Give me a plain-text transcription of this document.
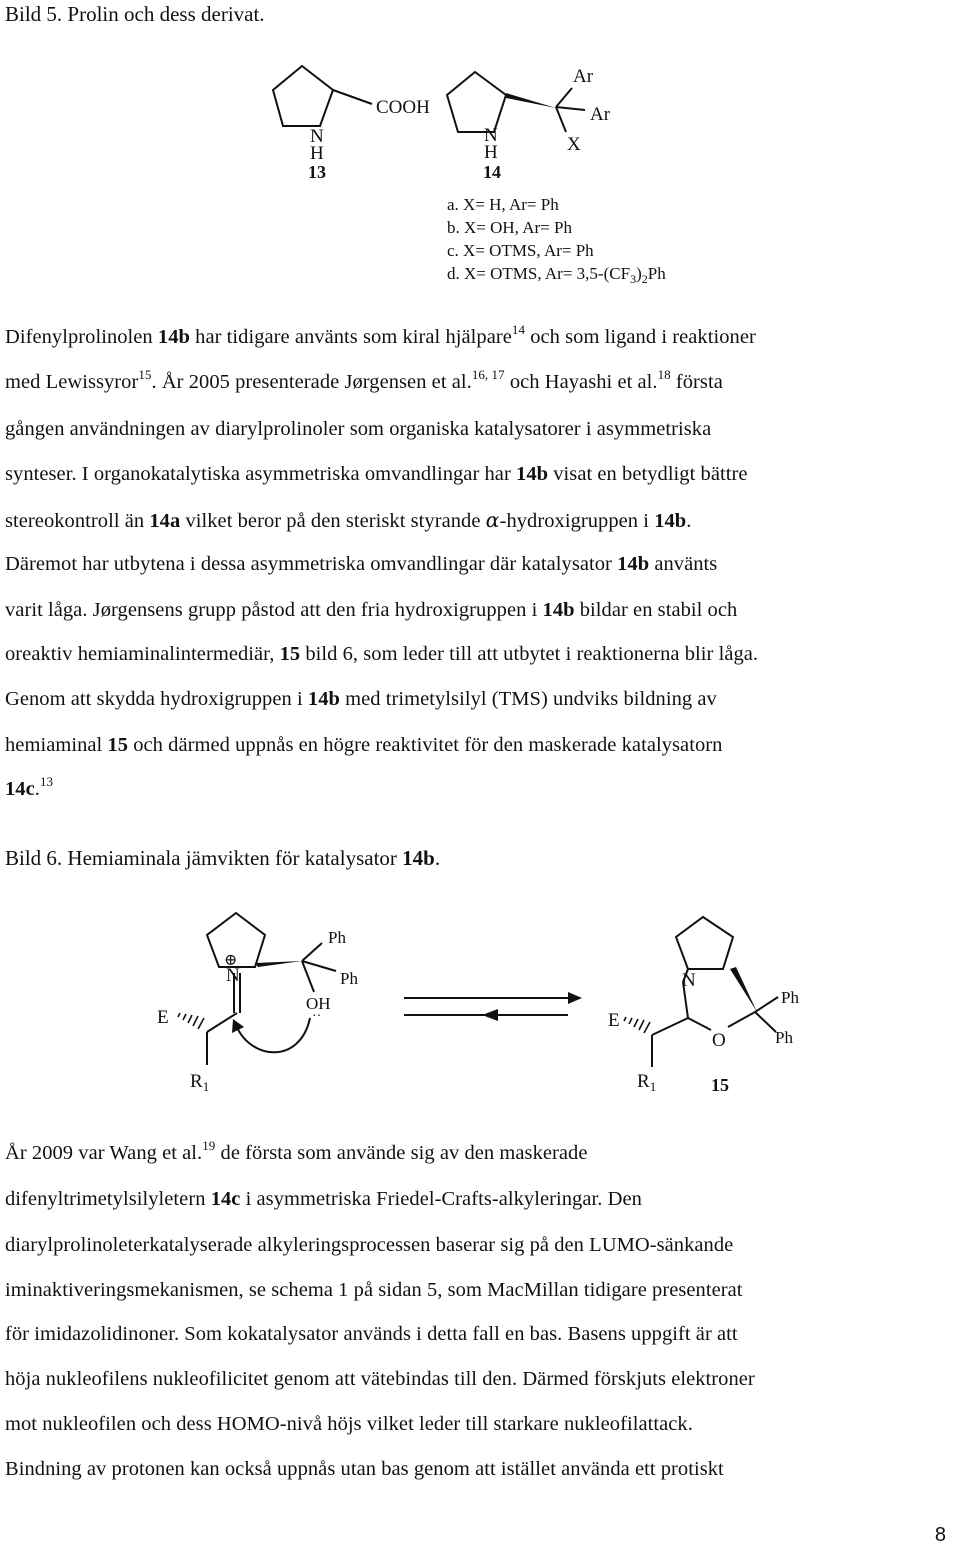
Bild 5. Prolin och dess derivat.
COOH
N
H
13
N
H
14
Ar
Ar
X
a. X= H, Ar= Ph
b. X= OH, Ar= Ph
c. X= OTMS, Ar= Ph
d. X= OTMS, $Ar= 3,5-(CF_3)_2Ph$
Difenylprolinolen 14b har tidigare använts som kiral hjälpare$^{14}$ och som ligand i reaktioner
med Lewissyror$^{15}$. År 2005 presenterade Jørgensen et al.$^{16, 17}$ och Hayashi et al.$^{18}$ första
gången användningen av diarylprolinoler som organiska katalysatorer i asymmetriska
synteser. I organokatalytiska asymmetriska omvandlingar har 14b visat en betydligt bättre
stereokontroll än 14a vilket beror på den steriskt styrande α-hydroxigruppen i 14b.
Däremot har utbytena i dessa asymmetriska omvandlingar där katalysator 14b använts
varit låga. Jørgensens grupp påstod att den fria hydroxigruppen i 14b bildar en stabil och
oreaktiv hemiaminalintermediär, 15 bild 6, som leder till att utbytet i reaktionerna blir låga.
Genom att skydda hydroxigruppen i 14b med trimetylsilyl (TMS) undviks bildning av
hemiaminal 15 och därmed uppnås en högre reaktivitet för den maskerade katalysatorn
14c.$^{13}$
Bild 6. Hemiaminala jämvikten för katalysator 14b.
⊕
N
Ph
Ph
OH
··
E
$R_1$
N
O
Ph
Ph
E
$R_1$	15
År 2009 var Wang et al.$^{19}$ de första som använde sig av den maskerade
difenyltrimetylsilyletern 14c i asymmetriska Friedel-Crafts-alkyleringar. Den
diarylprolinoleterkatalyserade alkyleringsprocessen baserar sig på den LUMO-sänkande
iminaktiveringsmekanismen, se schema 1 på sidan 5, som MacMillan tidigare presenterat
för imidazolidinoner. Som kokatalysator används i detta fall en bas. Basens uppgift är att
höja nukleofilens nukleofilicitet genom att vätebindas till den. Därmed förskjuts elektroner
mot nukleofilen och dess HOMO-nivå höjs vilket leder till starkare nukleofilattack.
Bindning av protonen kan också uppnås utan bas genom att istället använda ett protiskt
8
